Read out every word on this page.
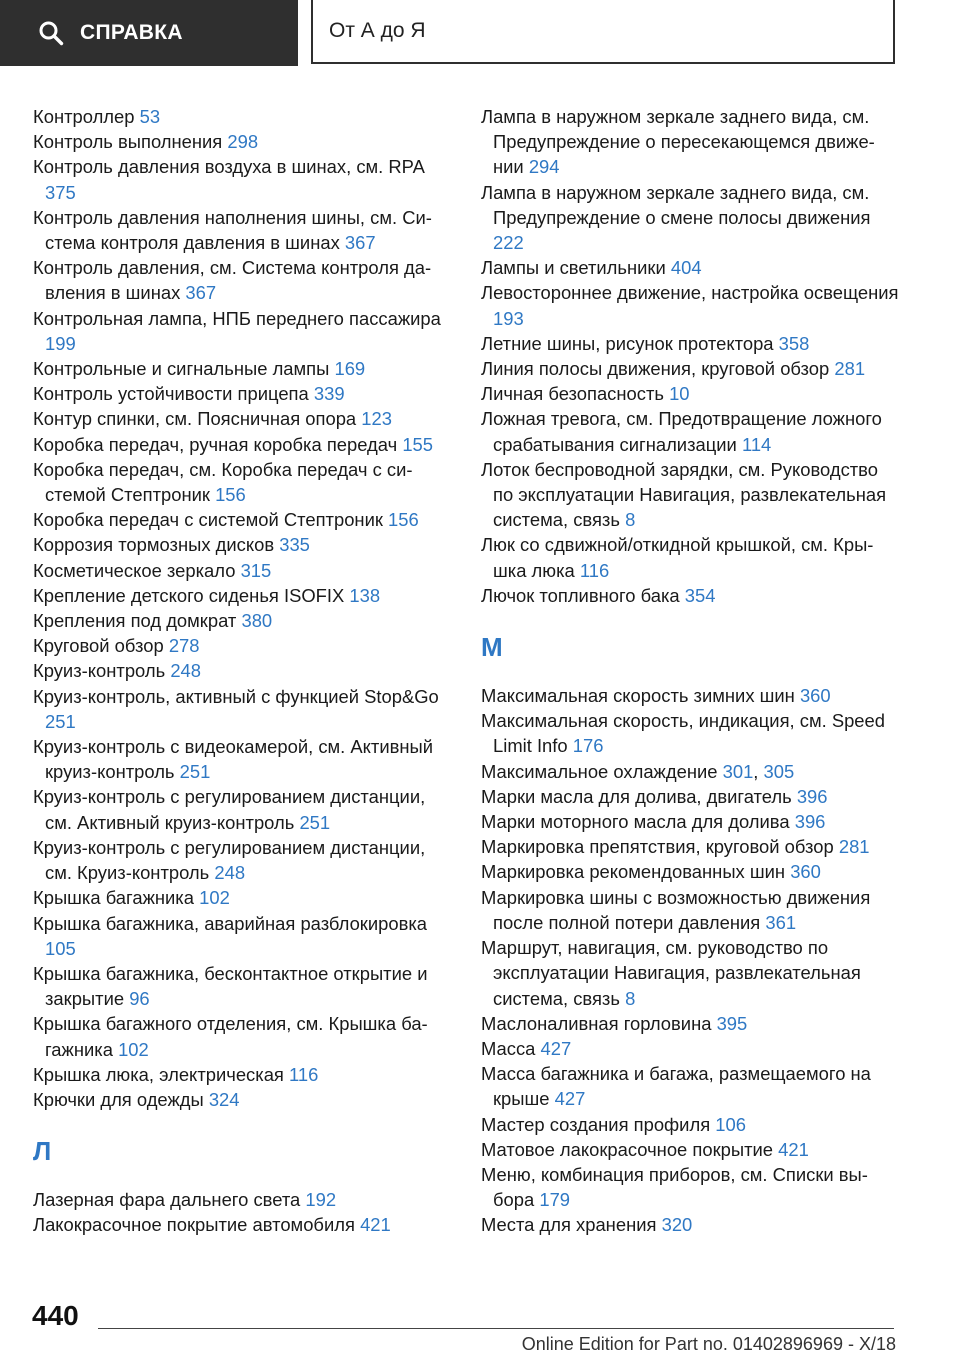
СПРАВКА	От А до Я

Контроллер 53

Контроль выполнения 298

Контроль давления воздуха в шинах, см. RPA 375

Контроль давления наполнения шины, см. Система контроля давления в шинах 367

Контроль давления, см. Система контроля давления в шинах 367

Контрольная лампа, НПБ переднего пассажира 199

Контрольные и сигнальные лампы 169

Контроль устойчивости прицепа 339

Контур спинки, см. Поясничная опора 123

Коробка передач, ручная коробка передач 155

Коробка передач, см. Коробка передач с системой Стептроник 156

Коробка передач с системой Стептроник 156

Коррозия тормозных дисков 335

Косметическое зеркало 315

Крепление детского сиденья ISOFIX 138

Крепления под домкрат 380

Круговой обзор 278

Круиз-контроль 248

Круиз-контроль, активный с функцией Stop&Go 251

Круиз-контроль с видеокамерой, см. Активный круиз-контроль 251

Круиз-контроль с регулированием дистанции, см. Активный круиз-контроль 251

Круиз-контроль с регулированием дистанции, см. Круиз-контроль 248

Крышка багажника 102

Крышка багажника, аварийная разблокировка 105

Крышка багажника, бесконтактное открытие и закрытие 96

Крышка багажного отделения, см. Крышка багажника 102

Крышка люка, электрическая 116

Крючки для одежды 324

Л

Лазерная фара дальнего света 192

Лакокрасочное покрытие автомобиля 421

Лампа в наружном зеркале заднего вида, см. Предупреждение о пересекающемся движении 294

Лампа в наружном зеркале заднего вида, см. Предупреждение о смене полосы движения 222

Лампы и светильники 404

Левостороннее движение, настройка освещения 193

Летние шины, рисунок протектора 358

Линия полосы движения, круговой обзор 281

Личная безопасность 10

Ложная тревога, см. Предотвращение ложного срабатывания сигнализации 114

Лоток беспроводной зарядки, см. Руководство по эксплуатации Навигация, развлекательная система, связь 8

Люк со сдвижной/откидной крышкой, см. Крышка люка 116

Лючок топливного бака 354

М

Максимальная скорость зимних шин 360

Максимальная скорость, индикация, см. Speed Limit Info 176

Максимальное охлаждение 301, 305

Марки масла для долива, двигатель 396

Марки моторного масла для долива 396

Маркировка препятствия, круговой обзор 281

Маркировка рекомендованных шин 360

Маркировка шины с возможностью движения после полной потери давления 361

Маршрут, навигация, см. руководство по эксплуатации Навигация, развлекательная система, связь 8

Маслоналивная горловина 395

Масса 427

Масса багажника и багажа, размещаемого на крыше 427

Мастер создания профиля 106

Матовое лакокрасочное покрытие 421

Меню, комбинация приборов, см. Списки выбора 179

Места для хранения 320

440
Online Edition for Part no. 01402896969 - X/18
